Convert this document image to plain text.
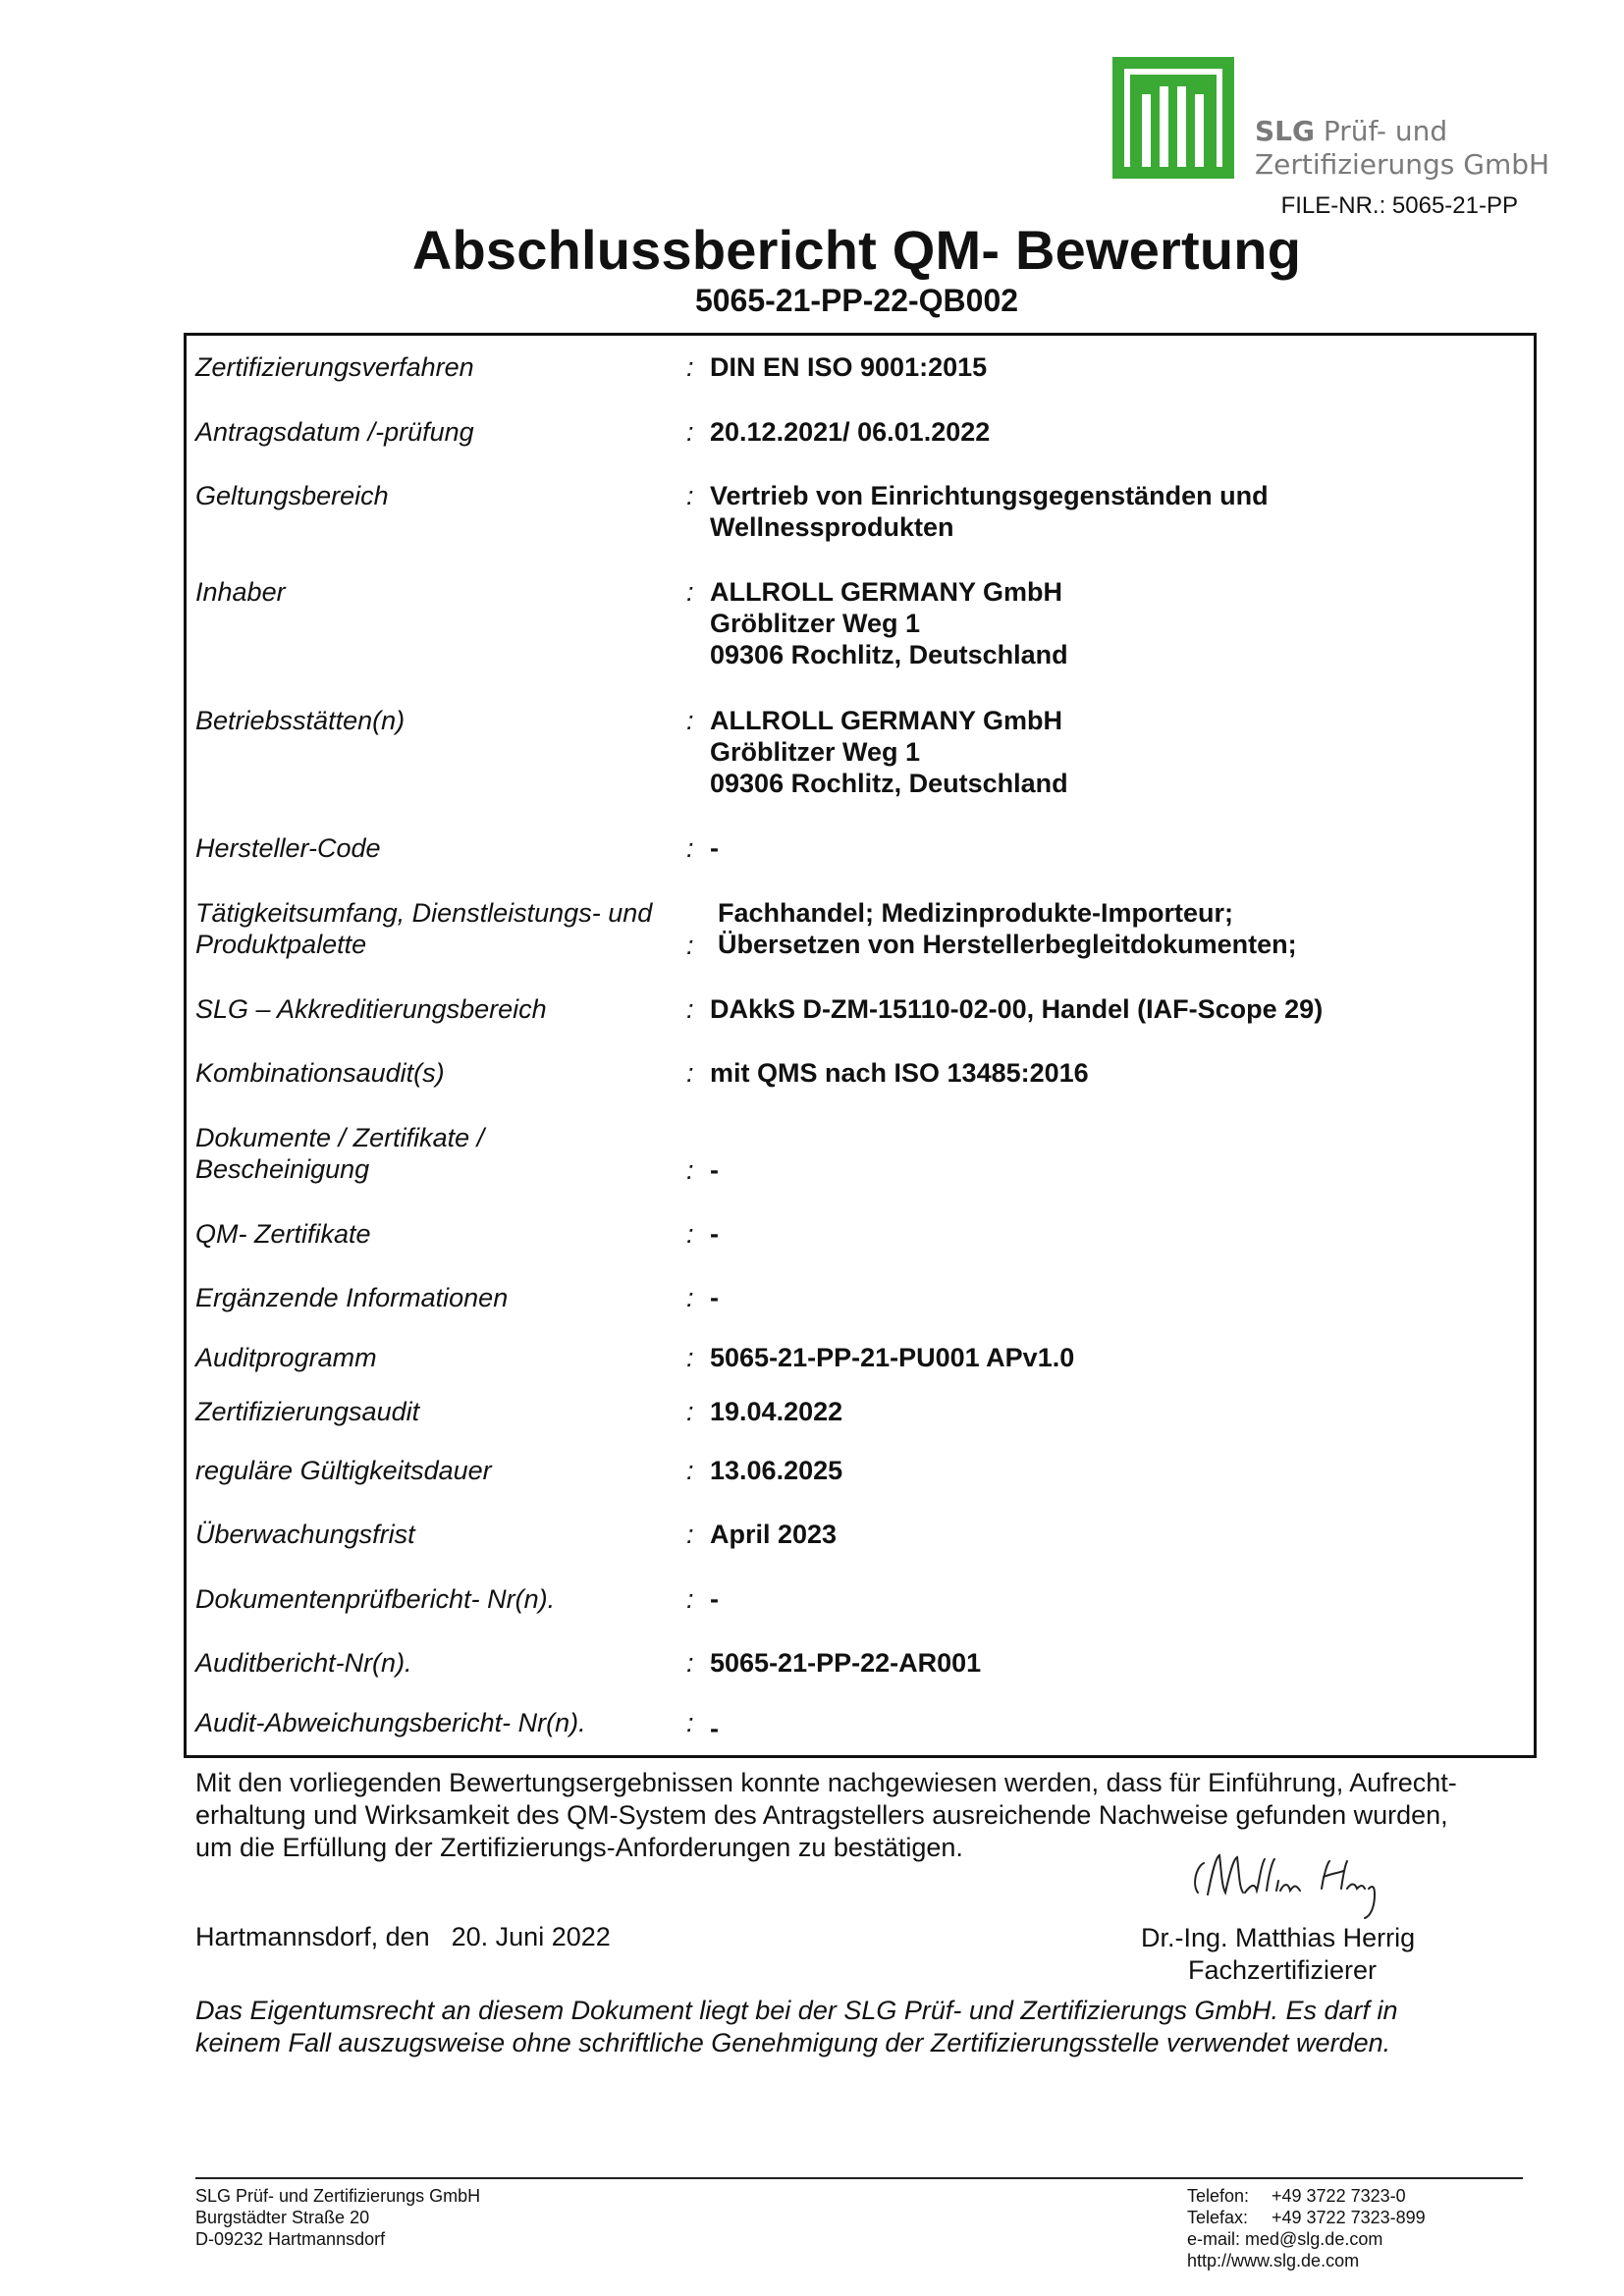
SLG Prüf- und
Zertifizierungs GmbH
FILE-NR.: 5065-21-PP
Abschlussbericht QM- Bewertung
5065-21-PP-22-QB002
Zertifizierungsverfahren	: DIN EN ISO 9001:2015
Antragsdatum /-prüfung	: 20.12.2021/ 06.01.2022
Geltungsbereich	: Vertrieb von Einrichtungsgegenständen und
Wellnessprodukten
Inhaber	: ALLROLL GERMANY GmbH
Gröblitzer Weg 1
09306 Rochlitz, Deutschland
Betriebsstätten(n)	: ALLROLL GERMANY GmbH
Gröblitzer Weg 1
09306 Rochlitz, Deutschland
Hersteller-Code	: -
Tätigkeitsumfang, Dienstleistungs- und
Produktpalette	:
Fachhandel; Medizinprodukte-Importeur;
Übersetzen von Herstellerbegleitdokumenten;
SLG – Akkreditierungsbereich	: DAkkS D-ZM-15110-02-00, Handel (IAF-Scope 29)
Kombinationsaudit(s)	: mit QMS nach ISO 13485:2016
Dokumente / Zertifikate /
Bescheinigung	: -
QM- Zertifikate	: -
Ergänzende Informationen	: -
Auditprogramm	: 5065-21-PP-21-PU001 APv1.0
Zertifizierungsaudit	: 19.04.2022
reguläre Gültigkeitsdauer	: 13.06.2025
Überwachungsfrist	: April 2023
Dokumentenprüfbericht- Nr(n).	: -
Auditbericht-Nr(n).	: 5065-21-PP-22-AR001
Audit-Abweichungsbericht- Nr(n).	: -
Mit den vorliegenden Bewertungsergebnissen konnte nachgewiesen werden, dass für Einführung, Aufrecht-
erhaltung und Wirksamkeit des QM-System des Antragstellers ausreichende Nachweise gefunden wurden,
um die Erfüllung der Zertifizierungs-Anforderungen zu bestätigen.
Hartmannsdorf, den 20. Juni 2022	Dr.-Ing. Matthias Herrig
Fachzertifizierer
Das Eigentumsrecht an diesem Dokument liegt bei der SLG Prüf- und Zertifizierungs GmbH. Es darf in
keinem Fall auszugsweise ohne schriftliche Genehmigung der Zertifizierungsstelle verwendet werden.
SLG Prüf- und Zertifizierungs GmbH
Burgstädter Straße 20
D-09232 Hartmannsdorf
Telefon: +49 3722 7323-0
Telefax: +49 3722 7323-899
e-mail: med@slg.de.com
http://www.slg.de.com
